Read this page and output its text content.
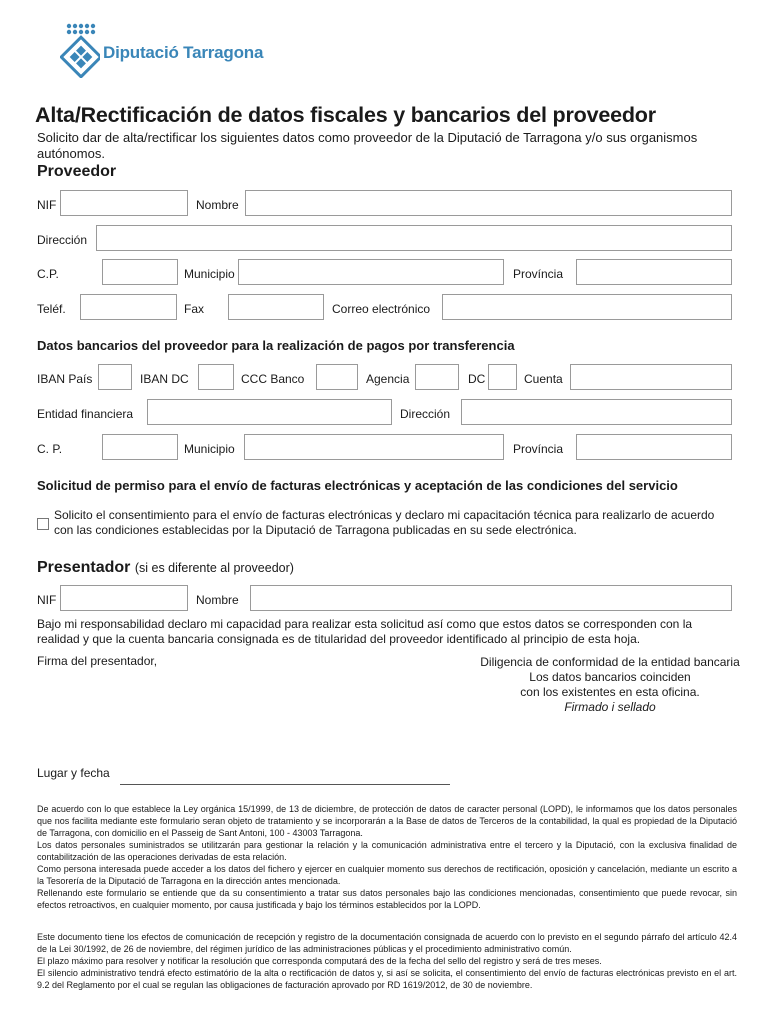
Diputació Tarragona
Alta/Rectificación de datos fiscales y bancarios del proveedor
Solicito dar de alta/rectificar los siguientes datos como proveedor de la Diputació de Tarragona y/o sus organismos autónomos.
Proveedor
NIF	Nombre
Dirección
C.P.	Municipio	Província
Teléf.	Fax	Correo electrónico
Datos bancarios del proveedor para la realización de pagos por transferencia
IBAN País	IBAN DC	CCC Banco	Agencia	DC	Cuenta
Entidad financiera	Dirección
C. P.	Municipio	Província
Solicitud de permiso para el envío de facturas electrónicas y aceptación de las condiciones del servicio
Solicito el consentimiento para el envío de facturas electrónicas y declaro mi capacitación técnica para realizarlo de acuerdo con las condiciones establecidas por la Diputació de Tarragona publicadas en su sede electrónica.
Presentador (si es diferente al proveedor)
NIF	Nombre
Bajo mi responsabilidad declaro mi capacidad para realizar esta solicitud así como que estos datos se corresponden con la realidad y que la cuenta bancaria consignada es de titularidad del proveedor identificado al principio de esta hoja.
Firma del presentador,	Diligencia de conformidad de la entidad bancaria
Los datos bancarios coinciden
con los existentes en esta oficina.
Firmado i sellado
Lugar y fecha

De acuerdo con lo que establece la Ley orgánica 15/1999, de 13 de diciembre, de protección de datos de caracter personal (LOPD), le informamos que los datos personales que nos facilita mediante este formulario seran objeto de tratamiento y se incorporarán a la Base de datos de Terceros de la contabilidad, la qual es propiedad de la Diputació de Tarragona, con domicilio en el Passeig de Sant Antoni, 100 - 43003 Tarragona.

Los datos personales suministrados se utilitzarán para gestionar la relación y la comunicación administrativa entre el tercero y la Diputació, con la exclusiva finalidad de contabilitzación de las operaciones derivadas de esta relación.

Como persona interesada puede acceder a los datos del fichero y ejercer en cualquier momento sus derechos de rectificación, oposición y cancelación, mediante un escrito a la Tesorería de la Diputació de Tarragona en la dirección antes mencionada.

Rellenando este formulario se entiende que da su consentimiento a tratar sus datos personales bajo las condiciones mencionadas, consentimiento que puede revocar, sin efectos retroactivos, en cualquier momento, por causa justificada y bajo los términos establecidos por la LOPD.

Este documento tiene los efectos de comunicación de recepción y registro de la documentación consignada de acuerdo con lo previsto en el segundo párrafo del artículo 42.4 de la Lei 30/1992, de 26 de noviembre, del régimen jurídico de las administraciones públicas y el procedimiento administrativo común.

El plazo máximo para resolver y notificar la resolución que corresponda computará des de la fecha del sello del registro y será de tres meses.

El silencio administrativo tendrá efecto estimatório de la alta o rectificación de datos y, si así se solicita, el consentimiento del envío de facturas electrónicas previsto en el art. 9.2 del Reglamento por el cual se regulan las obligaciones de facturación aprovado por RD 1619/2012, de 30 de noviembre.
